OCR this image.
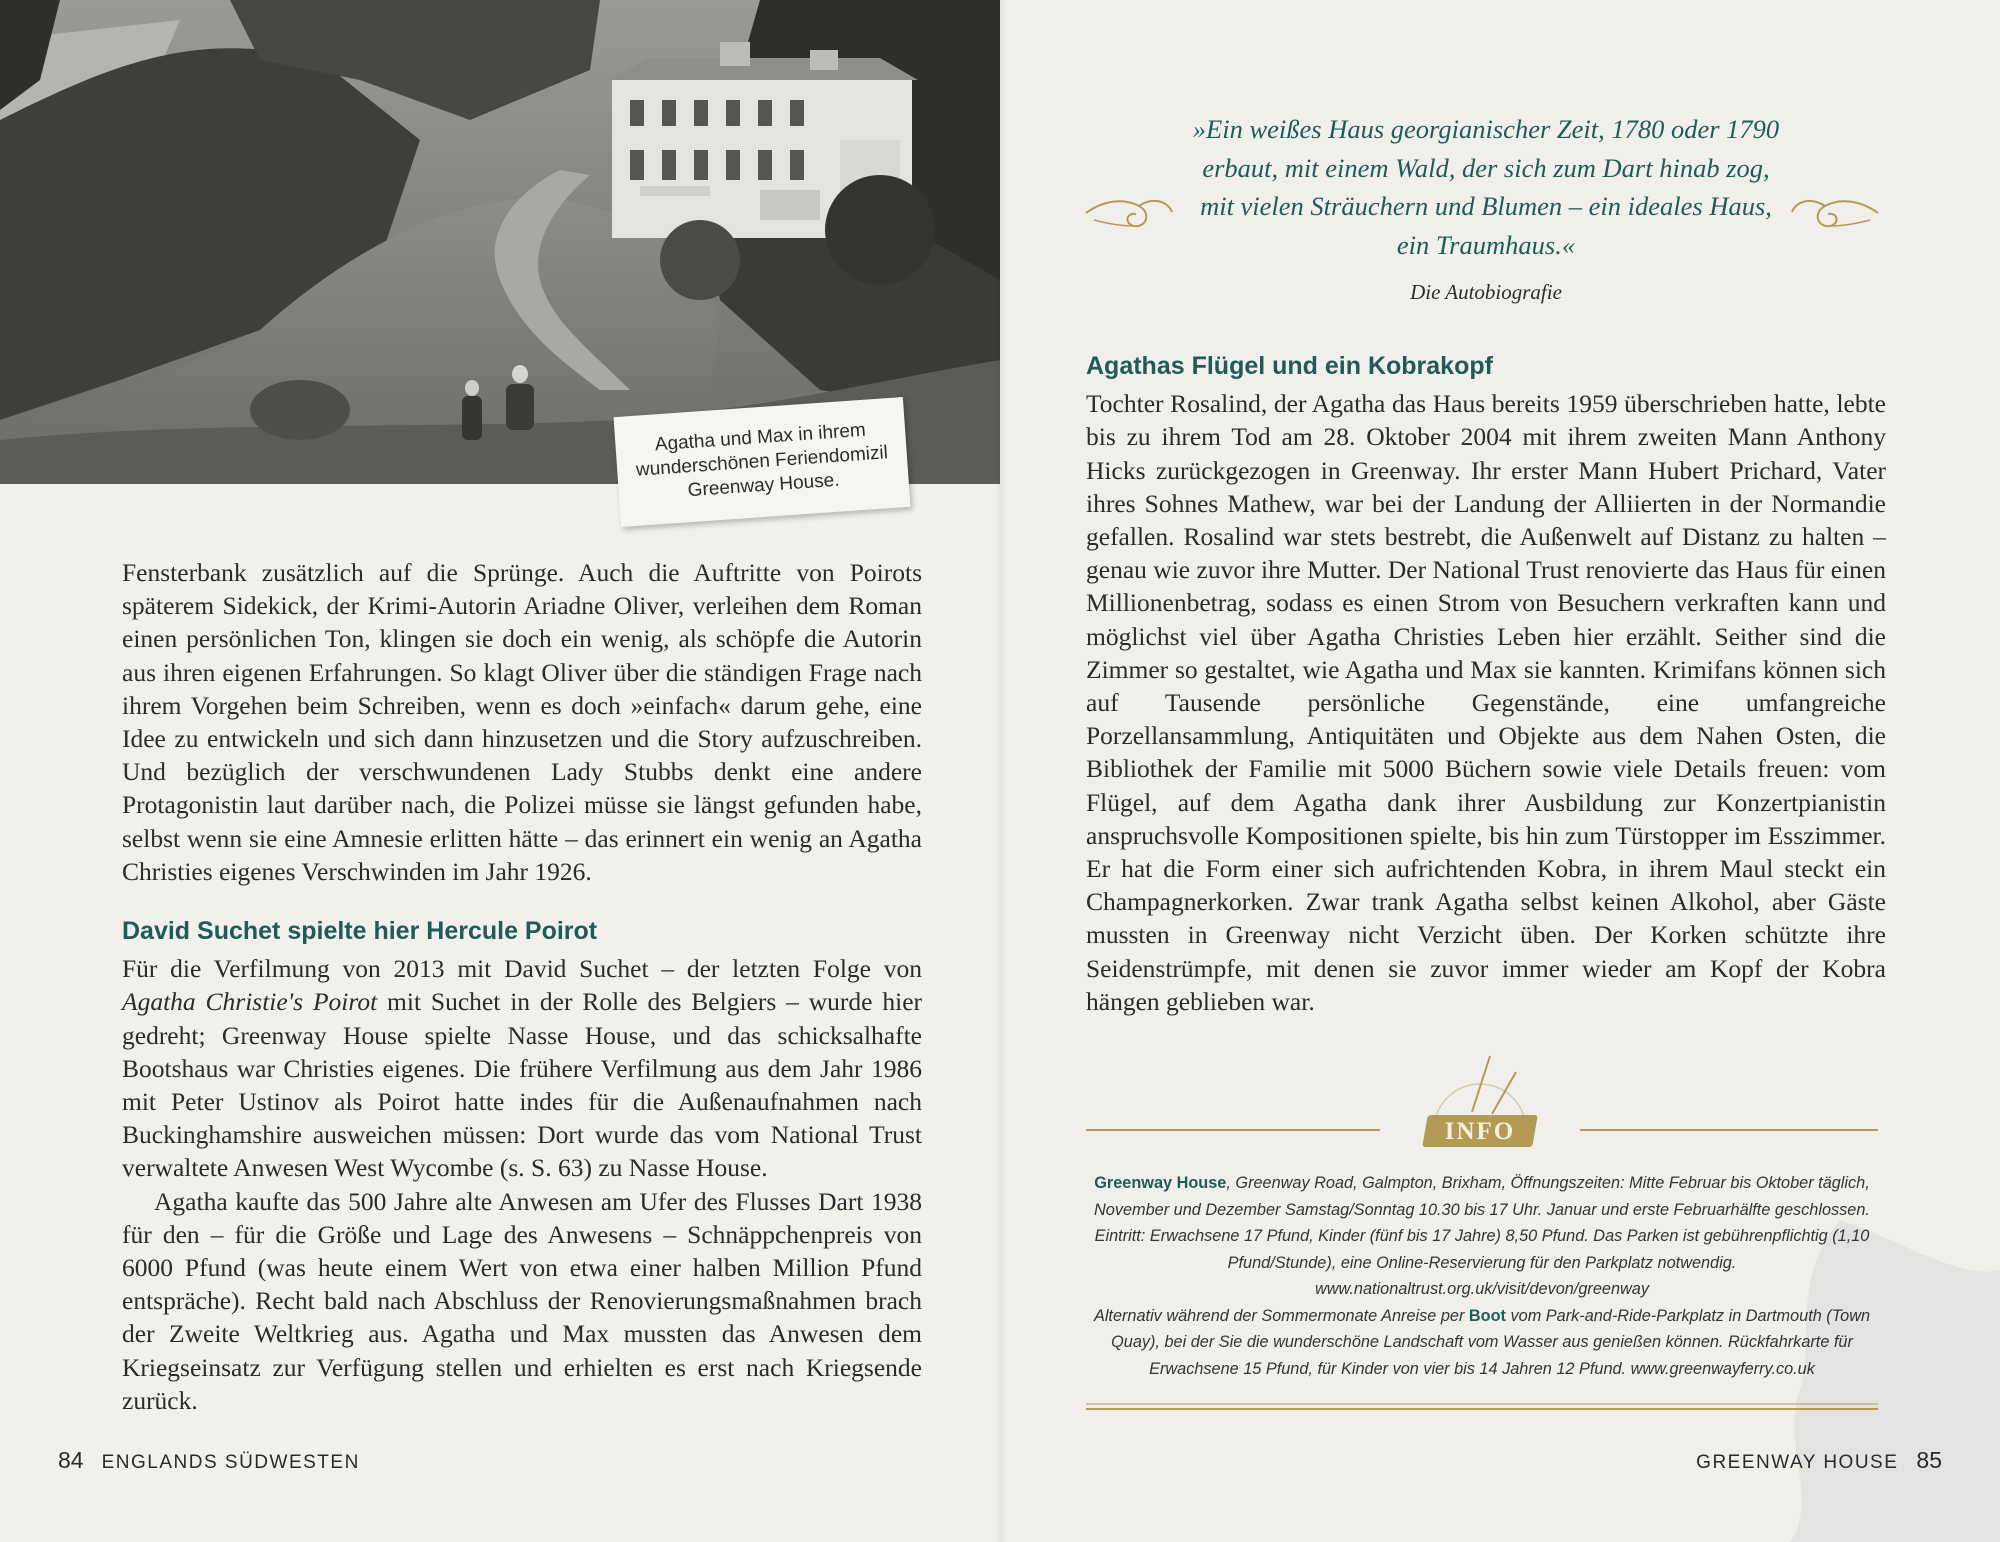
Agatha und Max in ihrem wunderschönen Feriendomizil Greenway House.

Fensterbank zusätzlich auf die Sprünge. Auch die Auftritte von Poirots späterem Sidekick, der Krimi-Autorin Ariadne Oliver, verleihen dem Roman einen persönlichen Ton, klingen sie doch ein wenig, als schöpfe die Autorin aus ihren eigenen Erfahrungen. So klagt Oliver über die ständigen Frage nach ihrem Vorgehen beim Schreiben, wenn es doch »einfach« darum gehe, eine Idee zu entwickeln und sich dann hinzusetzen und die Story aufzuschreiben. Und bezüglich der verschwundenen Lady Stubbs denkt eine andere Protagonistin laut darüber nach, die Polizei müsse sie längst gefunden habe, selbst wenn sie eine Amnesie erlitten hätte – das erinnert ein wenig an Agatha Christies eigenes Verschwinden im Jahr 1926.

David Suchet spielte hier Hercule Poirot

Für die Verfilmung von 2013 mit David Suchet – der letzten Folge von Agatha Christie's Poirot mit Suchet in der Rolle des Belgiers – wurde hier gedreht; Greenway House spielte Nasse House, und das schicksalhafte Bootshaus war Christies eigenes. Die frühere Verfilmung aus dem Jahr 1986 mit Peter Ustinov als Poirot hatte indes für die Außenaufnahmen nach Buckinghamshire ausweichen müssen: Dort wurde das vom National Trust verwaltete Anwesen West Wycombe (s. S. 63) zu Nasse House.

Agatha kaufte das 500 Jahre alte Anwesen am Ufer des Flusses Dart 1938 für den – für die Größe und Lage des Anwesens – Schnäppchenpreis von 6000 Pfund (was heute einem Wert von etwa einer halben Million Pfund entspräche). Recht bald nach Abschluss der Renovierungsmaßnahmen brach der Zweite Weltkrieg aus. Agatha und Max mussten das Anwesen dem Kriegseinsatz zur Verfügung stellen und erhielten es erst nach Kriegsende zurück.

84 ENGLANDS SÜDWESTEN

»Ein weißes Haus georgianischer Zeit, 1780 oder 1790 erbaut, mit einem Wald, der sich zum Dart hinab zog, mit vielen Sträuchern und Blumen – ein ideales Haus, ein Traumhaus.«

Die Autobiografie
Agathas Flügel und ein Kobrakopf

Tochter Rosalind, der Agatha das Haus bereits 1959 überschrieben hatte, lebte bis zu ihrem Tod am 28. Oktober 2004 mit ihrem zweiten Mann Anthony Hicks zurückgezogen in Greenway. Ihr erster Mann Hubert Prichard, Vater ihres Sohnes Mathew, war bei der Landung der Alliierten in der Normandie gefallen. Rosalind war stets bestrebt, die Außenwelt auf Distanz zu halten – genau wie zuvor ihre Mutter. Der National Trust renovierte das Haus für einen Millionenbetrag, sodass es einen Strom von Besuchern verkraften kann und möglichst viel über Agatha Christies Leben hier erzählt. Seither sind die Zimmer so gestaltet, wie Agatha und Max sie kannten. Krimifans können sich auf Tausende persönliche Gegenstände, eine umfangreiche Porzellansammlung, Antiquitäten und Objekte aus dem Nahen Osten, die Bibliothek der Familie mit 5000 Büchern sowie viele Details freuen: vom Flügel, auf dem Agatha dank ihrer Ausbildung zur Konzertpianistin anspruchsvolle Kompositionen spielte, bis hin zum Türstopper im Esszimmer. Er hat die Form einer sich aufrichtenden Kobra, in ihrem Maul steckt ein Champagnerkorken. Zwar trank Agatha selbst keinen Alkohol, aber Gäste mussten in Greenway nicht Verzicht üben. Der Korken schützte ihre Seidenstrümpfe, mit denen sie zuvor immer wieder am Kopf der Kobra hängen geblieben war.

INFO
Greenway House, Greenway Road, Galmpton, Brixham, Öffnungszeiten: Mitte Februar bis Oktober täglich, November und Dezember Samstag/Sonntag 10.30 bis 17 Uhr. Januar und erste Februarhälfte geschlossen. Eintritt: Erwachsene 17 Pfund, Kinder (fünf bis 17 Jahre) 8,50 Pfund. Das Parken ist gebührenpflichtig (1,10 Pfund/Stunde), eine Online-Reservierung für den Parkplatz notwendig. www.nationaltrust.org.uk/visit/devon/greenway
Alternativ während der Sommermonate Anreise per Boot vom Park-and-Ride-Parkplatz in Dartmouth (Town Quay), bei der Sie die wunderschöne Landschaft vom Wasser aus genießen können. Rückfahrkarte für Erwachsene 15 Pfund, für Kinder von vier bis 14 Jahren 12 Pfund. www.greenwayferry.co.uk
GREENWAY HOUSE 85
